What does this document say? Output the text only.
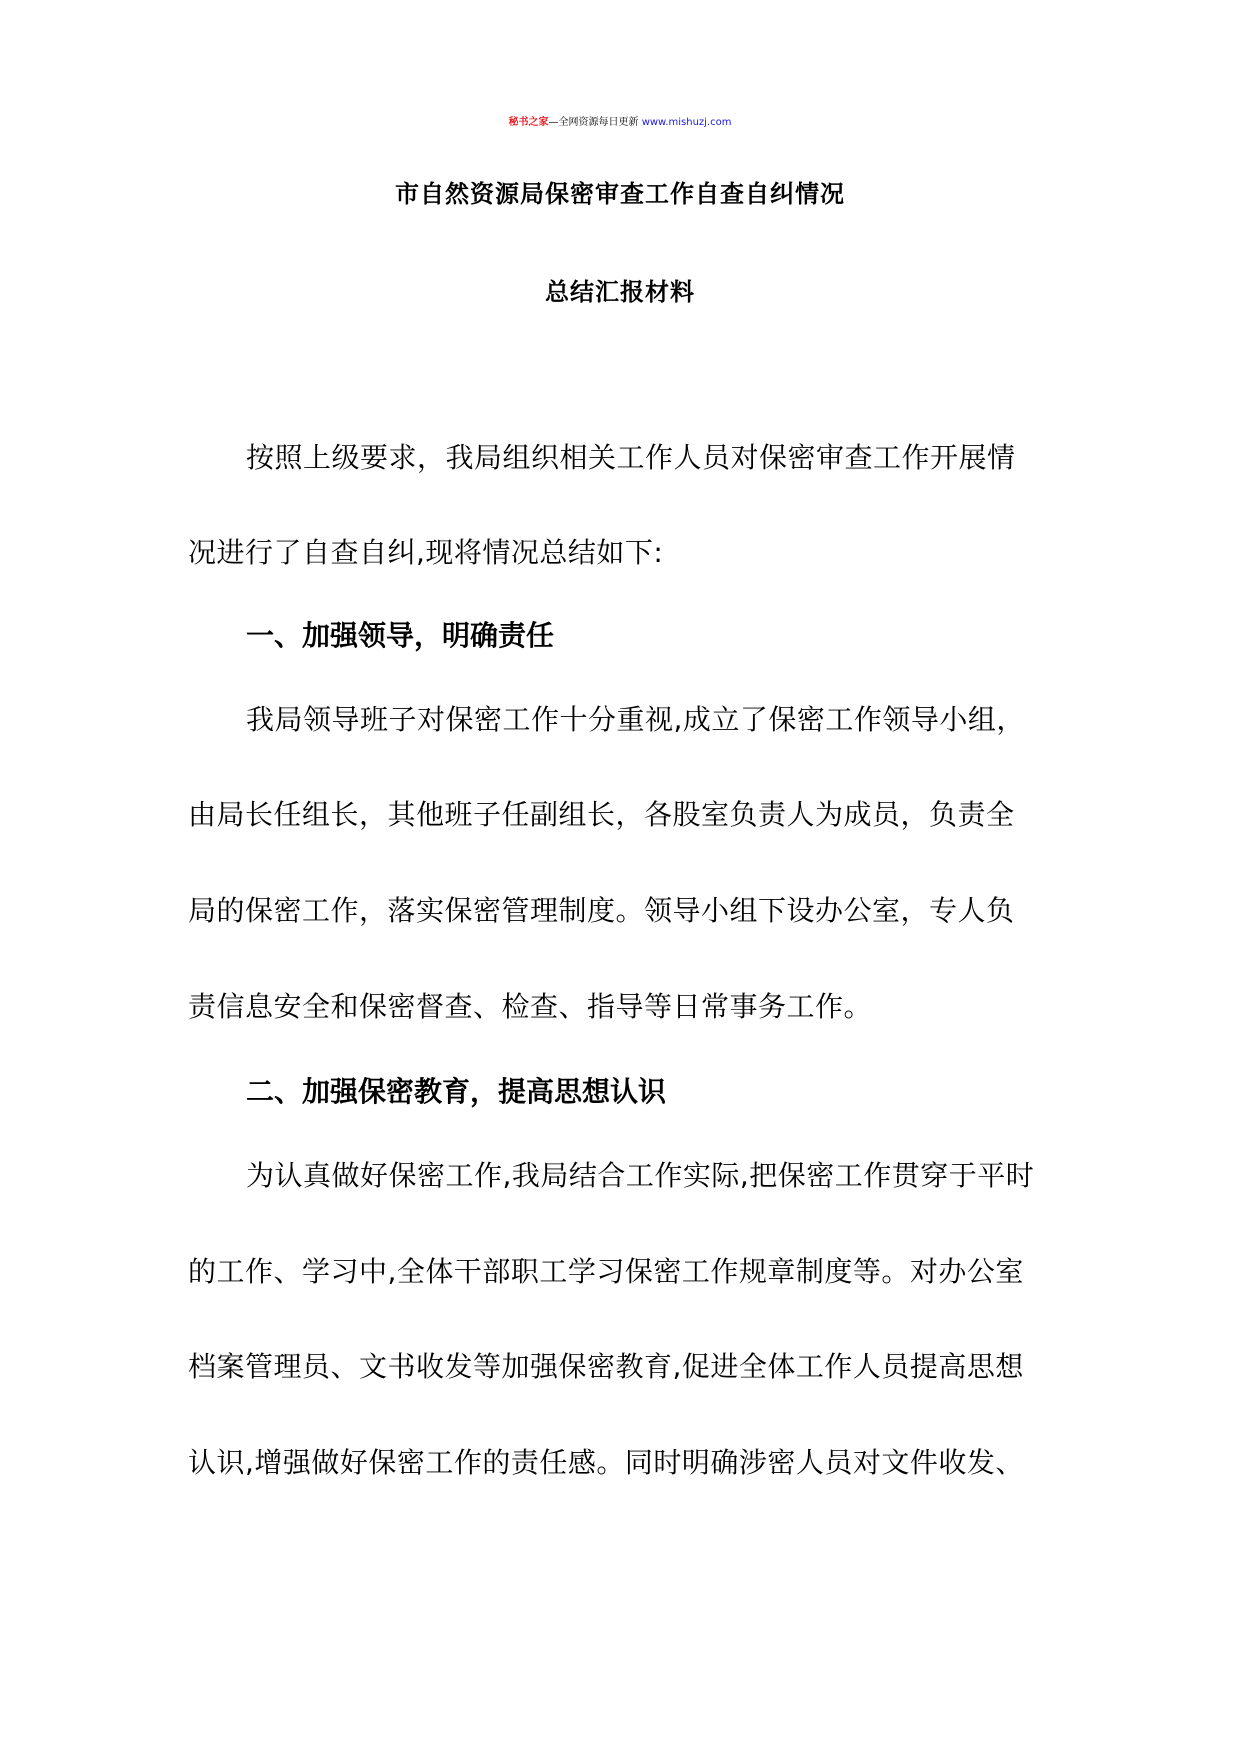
秘书之家—全网资源每日更新 www.mishuzj.com
市自然资源局保密审查工作自查自纠情况
总结汇报材料
按照上级要求，我局组织相关工作人员对保密审查工作开展情
况进行了自查自纠,现将情况总结如下:
一、加强领导，明确责任
我局领导班子对保密工作十分重视,成立了保密工作领导小组，
由局长任组长，其他班子任副组长，各股室负责人为成员，负责全
局的保密工作，落实保密管理制度。领导小组下设办公室，专人负
责信息安全和保密督查、检查、指导等日常事务工作。
二、加强保密教育，提高思想认识
为认真做好保密工作,我局结合工作实际,把保密工作贯穿于平时
的工作、学习中,全体干部职工学习保密工作规章制度等。对办公室
档案管理员、文书收发等加强保密教育,促进全体工作人员提高思想
认识,增强做好保密工作的责任感。同时明确涉密人员对文件收发、
